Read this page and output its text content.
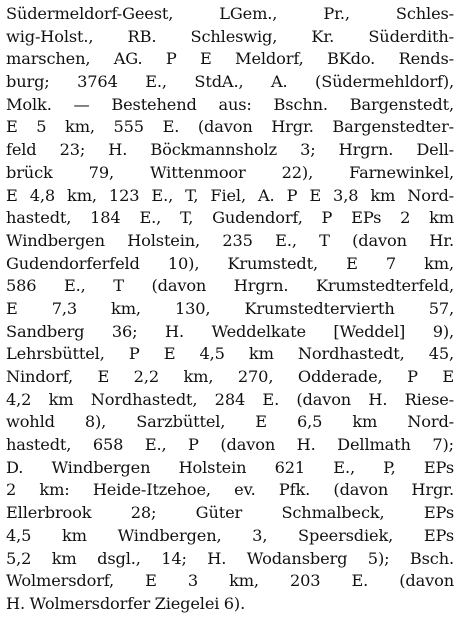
Südermeldorf-Geest, LGem., Pr., Schles-
wig-Holst., RB. Schleswig, Kr. Süderdith-
marschen, AG. P E Meldorf, BKdo. Rends-
burg; 3764 E., StdA., A. (Südermehldorf),
Molk. — Bestehend aus: Bschn. Bargenstedt,
E 5 km, 555 E. (davon Hrgr. Bargenstedter-
feld 23; H. Böckmannsholz 3; Hrgrn. Dell-
brück 79, Wittenmoor 22), Farnewinkel,
E 4,8 km, 123 E., T, Fiel, A. P E 3,8 km Nord-
hastedt, 184 E., T, Gudendorf, P EPs 2 km
Windbergen Holstein, 235 E., T (davon Hr.
Gudendorferfeld 10), Krumstedt, E 7 km,
586 E., T (davon Hrgrn. Krumstedterfeld,
E 7,3 km, 130, Krumstedtervierth 57,
Sandberg 36; H. Weddelkate [Weddel] 9),
Lehrsbüttel, P E 4,5 km Nordhastedt, 45,
Nindorf, E 2,2 km, 270, Odderade, P E
4,2 km Nordhastedt, 284 E. (davon H. Riese-
wohld 8), Sarzbüttel, E 6,5 km Nord-
hastedt, 658 E., P (davon H. Dellmath 7);
D. Windbergen Holstein 621 E., P, EPs
2 km: Heide-Itzehoe, ev. Pfk. (davon Hrgr.
Ellerbrook 28; Güter Schmalbeck, EPs
4,5 km Windbergen, 3, Speersdiek, EPs
5,2 km dsgl., 14; H. Wodansberg 5); Bsch.
Wolmersdorf, E 3 km, 203 E. (davon
H. Wolmersdorfer Ziegelei 6).
